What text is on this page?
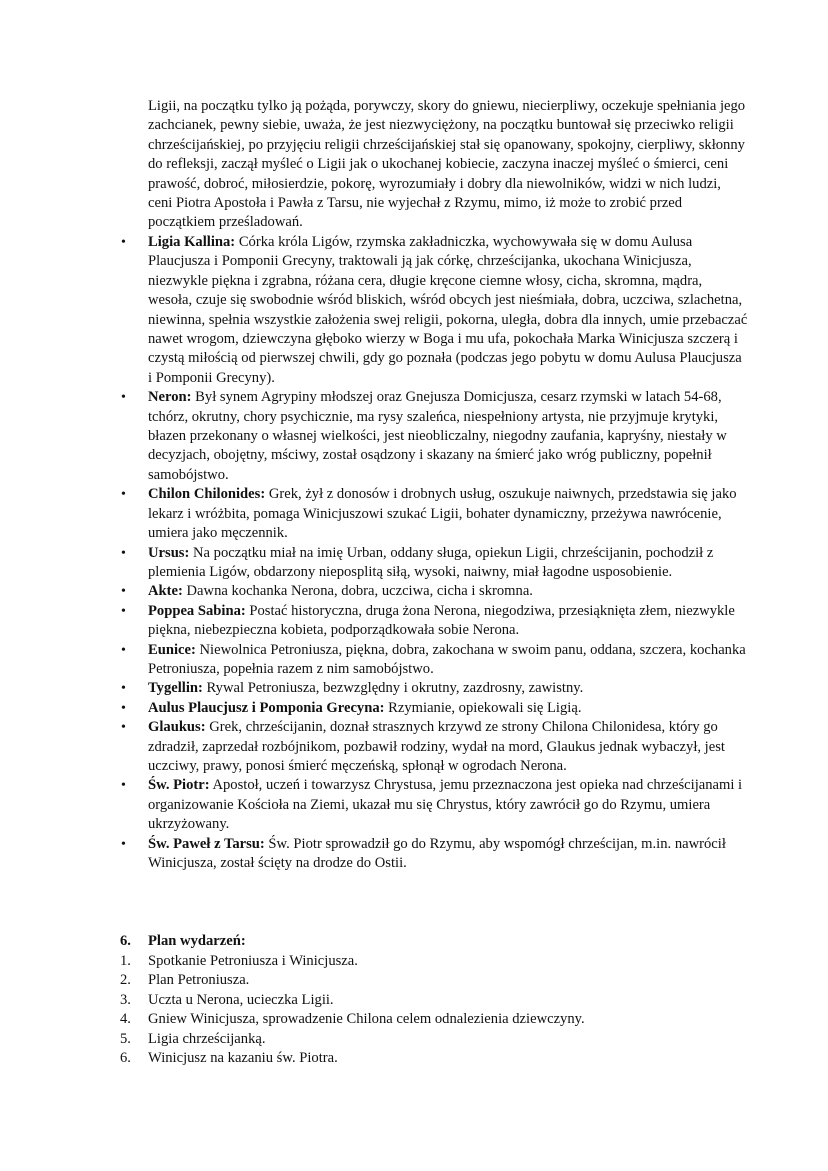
Ligii, na początku tylko ją pożąda, porywczy, skory do gniewu, niecierpliwy, oczekuje spełniania jego zachcianek, pewny siebie, uważa, że jest niezwyciężony, na początku buntował się przeciwko religii chrześcijańskiej, po przyjęciu religii chrześcijańskiej stał się opanowany, spokojny, cierpliwy, skłonny do refleksji, zaczął myśleć o Ligii jak o ukochanej kobiecie, zaczyna inaczej myśleć o śmierci, ceni prawość, dobroć, miłosierdzie, pokorę, wyrozumiały i dobry dla niewolników, widzi w nich ludzi, ceni Piotra Apostoła i Pawła z Tarsu, nie wyjechał z Rzymu, mimo, iż może to zrobić przed początkiem prześladowań.

• Ligia Kallina: Córka króla Ligów, rzymska zakładniczka, wychowywała się w domu Aulusa Plaucjusza i Pomponii Grecyny, traktowali ją jak córkę, chrześcijanka, ukochana Winicjusza, niezwykle piękna i zgrabna, różana cera, długie kręcone ciemne włosy, cicha, skromna, mądra, wesoła, czuje się swobodnie wśród bliskich, wśród obcych jest nieśmiała, dobra, uczciwa, szlachetna, niewinna, spełnia wszystkie założenia swej religii, pokorna, uległa, dobra dla innych, umie przebaczać nawet wrogom, dziewczyna głęboko wierzy w Boga i mu ufa, pokochała Marka Winicjusza szczerą i czystą miłością od pierwszej chwili, gdy go poznała (podczas jego pobytu w domu Aulusa Plaucjusza i Pomponii Grecyny).
• Neron: Był synem Agrypiny młodszej oraz Gnejusza Domicjusza, cesarz rzymski w latach 54-68, tchórz, okrutny, chory psychicznie, ma rysy szaleńca, niespełniony artysta, nie przyjmuje krytyki, błazen przekonany o własnej wielkości, jest nieobliczalny, niegodny zaufania, kapryśny, niestały w decyzjach, obojętny, mściwy, został osądzony i skazany na śmierć jako wróg publiczny, popełnił samobójstwo.
• Chilon Chilonides: Grek, żył z donosów i drobnych usług, oszukuje naiwnych, przedstawia się jako lekarz i wróżbita, pomaga Winicjuszowi szukać Ligii, bohater dynamiczny, przeżywa nawrócenie, umiera jako męczennik.
• Ursus: Na początku miał na imię Urban, oddany sługa, opiekun Ligii, chrześcijanin, pochodził z plemienia Ligów, obdarzony nieposplitą siłą, wysoki, naiwny, miał łagodne usposobienie.
• Akte: Dawna kochanka Nerona, dobra, uczciwa, cicha i skromna.
• Poppea Sabina: Postać historyczna, druga żona Nerona, niegodziwa, przesiąknięta złem, niezwykle piękna, niebezpieczna kobieta, podporządkowała sobie Nerona.
• Eunice: Niewolnica Petroniusza, piękna, dobra, zakochana w swoim panu, oddana, szczera, kochanka Petroniusza, popełnia razem z nim samobójstwo.
• Tygellin: Rywal Petroniusza, bezwzględny i okrutny, zazdrosny, zawistny.
• Aulus Plaucjusz i Pomponia Grecyna: Rzymianie, opiekowali się Ligią.
• Glaukus: Grek, chrześcijanin, doznał strasznych krzywd ze strony Chilona Chilonidesa, który go zdradził, zaprzedał rozbójnikom, pozbawił rodziny, wydał na mord, Glaukus jednak wybaczył, jest uczciwy, prawy, ponosi śmierć męczeńską, spłonął w ogrodach Nerona.
• Św. Piotr: Apostoł, uczeń i towarzysz Chrystusa, jemu przeznaczona jest opieka nad chrześcijanami i organizowanie Kościoła na Ziemi, ukazał mu się Chrystus, który zawrócił go do Rzymu, umiera ukrzyżowany.
• Św. Paweł z Tarsu: Św. Piotr sprowadził go do Rzymu, aby wspomógł chrześcijan, m.in. nawrócił Winicjusza, został ścięty na drodze do Ostii.

6. Plan wydarzeń:

1. Spotkanie Petroniusza i Winicjusza.
2. Plan Petroniusza.
3. Uczta u Nerona, ucieczka Ligii.
4. Gniew Winicjusza, sprowadzenie Chilona celem odnalezienia dziewczyny.
5. Ligia chrześcijanką.
6. Winicjusz na kazaniu św. Piotra.
